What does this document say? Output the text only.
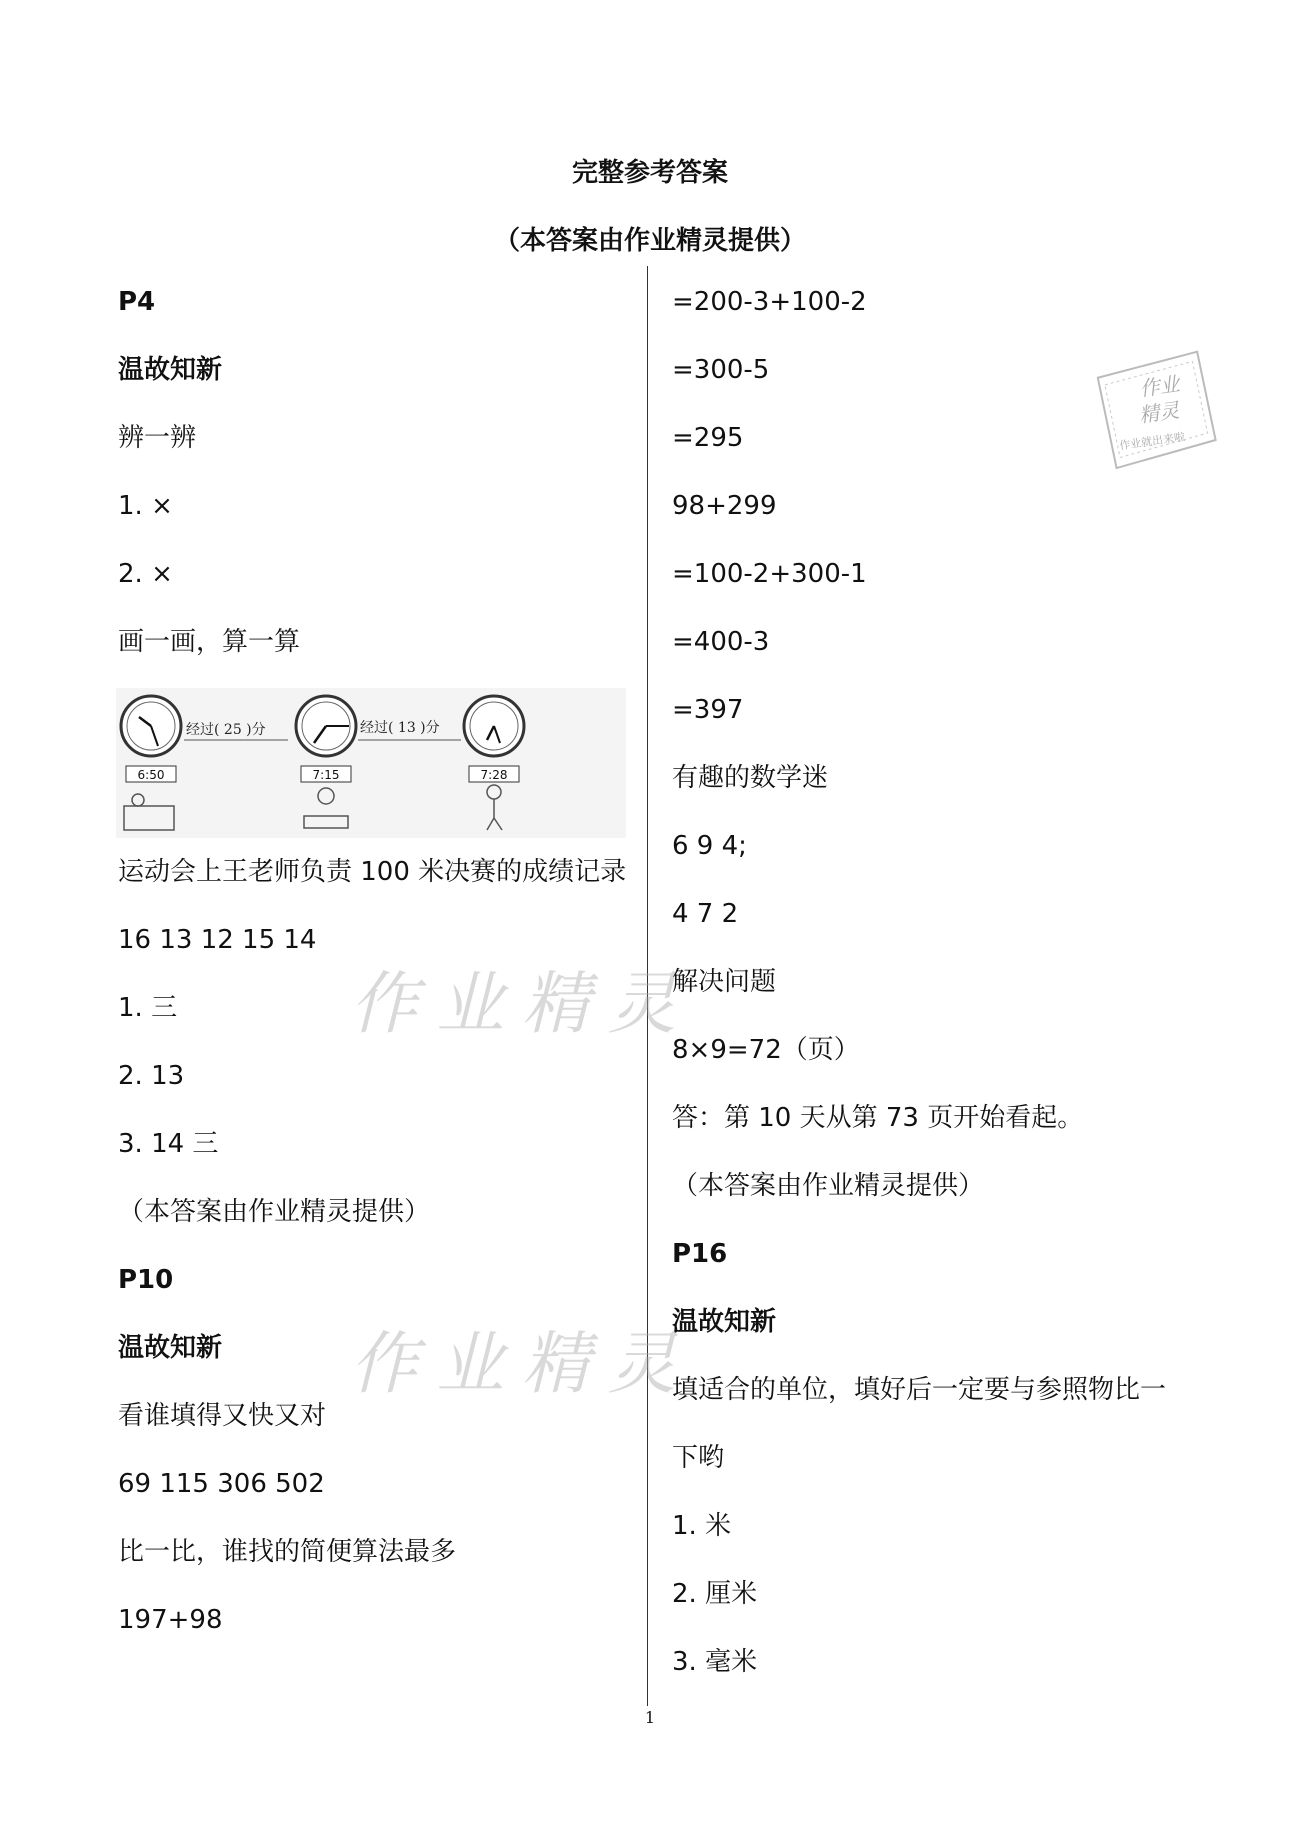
完整参考答案
（本答案由作业精灵提供）
作业精灵
作业精灵
作业
精灵
作业就出来啦
P4
温故知新
辨一辨
1. ×
2. ×
画一画，算一算
6:50	7:15	7:28
经过( 25 )分	经过( 13 )分
运动会上王老师负责 100 米决赛的成绩记录
16 13 12 15 14
1. 三
2. 13
3. 14 三
（本答案由作业精灵提供）
P10
温故知新
看谁填得又快又对
69 115 306 502
比一比，谁找的简便算法最多
197+98
=200-3+100-2
=300-5
=295
98+299
=100-2+300-1
=400-3
=397
有趣的数学迷
6 9 4;
4 7 2
解决问题
8×9=72（页）
答：第 10 天从第 73 页开始看起。
（本答案由作业精灵提供）
P16
温故知新
填适合的单位，填好后一定要与参照物比一
下哟
1. 米
2. 厘米
3. 毫米
1
